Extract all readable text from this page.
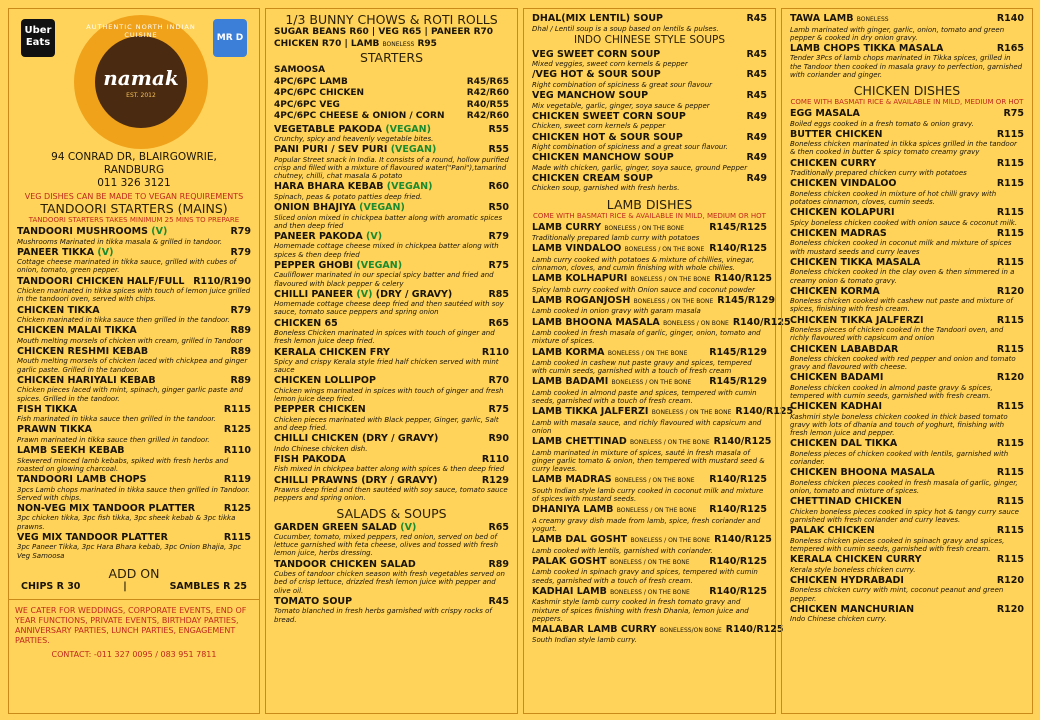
Uber Eats
AUTHENTIC NORTH INDIAN CUISINE
namak
EST. 2012
MR D
94 CONRAD DR, BLAIRGOWRIE,
RANDBURG
011 326 3121
VEG DISHES CAN BE MADE TO VEGAN REQUIREMENTS
TANDOORI STARTERS (MAINS)
TANDOORI STARTERS TAKES MINIMUM 25 MINS TO PREPARE
TANDOORI MUSHROOMS (V)	R79
Mushrooms Marinated in tikka masala & grilled in tandoor.
PANEER TIKKA (V)	R79
Cottage cheese marinated in tikka sauce, grilled with cubes of onion, tomato, green pepper.
TANDOORI CHICKEN HALF/FULL R110/R190
Chicken marinated in tikka spices with touch of lemon juice grilled in the tandoori oven, served with chips.
CHICKEN TIKKA	R79
Chicken marinated in tikka sauce then grilled in the tandoor.
CHICKEN MALAI TIKKA	R89
Mouth melting morsels of chicken with cream, grilled in Tandoor
CHICKEN RESHMI KEBAB	R89
Mouth melting morsels of chicken laced with chickpea and ginger garlic paste. Grilled in the tandoor.
CHICKEN HARIYALI KEBAB	R89
Chicken pieces laced with mint, spinach, ginger garlic paste and spices. Grilled in the tandoor.
FISH TIKKA	R115
Fish marinated in tikka sauce then grilled in the tandoor.
PRAWN TIKKA	R125
Prawn marinated in tikka sauce then grilled in tandoor.
LAMB SEEKH KEBAB	R110
Skewered minced lamb kebabs, spiked with fresh herbs and roasted on glowing charcoal.
TANDOORI LAMB CHOPS	R119
3pcs Lamb chops marinated in tikka sauce then grilled in Tandoor. Served with chips.
NON-VEG MIX TANDOOR PLATTER	R125
3pc chicken tikka, 3pc fish tikka, 3pc sheek kebab & 3pc tikka prawns.
VEG MIX TANDOOR PLATTER	R115
3pc Paneer Tikka, 3pc Hara Bhara kebab, 3pc Onion Bhajia, 3pc Veg Samoosa
ADD ON
CHIPS R 30	|	SAMBLES R 25
WE CATER FOR WEDDINGS, CORPORATE EVENTS, END OF YEAR FUNCTIONS, PRIVATE EVENTS, BIRTHDAY PARTIES, ANNIVERSARY PARTIES, LUNCH PARTIES, ENGAGEMENT PARTIES.
CONTACT: -011 327 0095 / 083 951 7811
1/3 BUNNY CHOWS & ROTI ROLLS
SUGAR BEANS R60 | VEG R65 | PANEER R70
CHICKEN R70 | LAMB BONELESS R95
STARTERS
SAMOOSA
4PC/6PC LAMB	R45/R65
4PC/6PC CHICKEN	R42/R60
4PC/6PC VEG	R40/R55
4PC/6PC CHEESE & ONION / CORN R42/R60
VEGETABLE PAKODA (VEGAN)	R55
Crunchy, spicy and heavenly vegetable bites.
PANI PURI / SEV PURI (VEGAN)	R55
Popular Street snack in India. It consists of a round, hollow purified crisp and filled with a mixture of flavoured water("Pani"),tamarind chutney, chilli, chat masala & potato
HARA BHARA KEBAB (VEGAN)	R60
Spinach, peas & potato patties deep fried.
ONION BHAJIYA (VEGAN)	R50
Sliced onion mixed in chickpea batter along with aromatic spices and then deep fried
PANEER PAKODA (V)	R79
Homemade cottage cheese mixed in chickpea batter along with spices & then deep fried
PEPPER GHOBI (VEGAN)	R75
Cauliflower marinated in our special spicy batter and fried and flavoured with black pepper & celery
CHILLI PANEER (V) (DRY / GRAVY)	R85
Homemade cottage cheese deep fried and then sautéed with soy sauce, tomato sauce peppers and spring onion
CHICKEN 65	R65
Boneless Chicken marinated in spices with touch of ginger and fresh lemon juice deep fried.
KERALA CHICKEN FRY	R110
Spicy and crispy Kerala style fried half chicken served with mint sauce
CHICKEN LOLLIPOP	R70
Chicken wings marinated in spices with touch of ginger and fresh lemon juice deep fried.
PEPPER CHICKEN	R75
Chicken pieces marinated with Black pepper, Ginger, garlic, Salt and deep fried.
CHILLI CHICKEN (DRY / GRAVY)	R90
Indo Chinese chicken dish.
FISH PAKODA	R110
Fish mixed in chickpea batter along with spices & then deep fried
CHILLI PRAWNS (DRY / GRAVY)	R129
Prawns deep fried and then sautéed with soy sauce, tomato sauce peppers and spring onion.
SALADS & SOUPS
GARDEN GREEN SALAD (V)	R65
Cucumber, tomato, mixed peppers, red onion, served on bed of lettuce garnished with feta cheese, olives and tossed with fresh lemon juice, herbs dressing.
TANDOOR CHICKEN SALAD	R89
Cubes of tandoor chicken season with fresh vegetables served on bed of crisp lettuce, drizzled fresh lemon juice with pepper and olive oil.
TOMATO SOUP	R45
Tomato blanched in fresh herbs garnished with crispy rocks of bread.
DHAL(MIX LENTIL) SOUP	R45
Dhal / Lentil soup is a soup based on lentils & pulses.
INDO CHINESE STYLE SOUPS
VEG SWEET CORN SOUP	R45
Mixed veggies, sweet corn kernels & pepper
/VEG HOT & SOUR SOUP	R45
Right combination of spiciness & great sour flavour
VEG MANCHOW SOUP	R45
Mix vegetable, garlic, ginger, soya sauce & pepper
CHICKEN SWEET CORN SOUP	R49
Chicken, sweet corn kernels & pepper
CHICKEN HOT & SOUR SOUP	R49
Right combination of spiciness and a great sour flavour.
CHICKEN MANCHOW SOUP	R49
Made with chicken, garlic, ginger, soya sauce, ground Pepper
CHICKEN CREAM SOUP	R49
Chicken soup, garnished with fresh herbs.
LAMB DISHES
COME WITH BASMATI RICE & AVAILABLE IN MILD, MEDIUM OR HOT
LAMB CURRY BONELESS / ON THE BONE	R145/R125
Traditionally prepared lamb curry with potatoes
LAMB VINDALOO BONELESS / ON THE BONE R140/R125
Lamb curry cooked with potatoes & mixture of chillies, vinegar, cinnamon, cloves, and cumin finishing with whole chillies.
LAMB KOLHAPURI BONELESS / ON THE BONE R140/R125
Spicy lamb curry cooked with Onion sauce and coconut powder
LAMB ROGANJOSH BONELESS / ON THE BONE R145/R129
Lamb cooked in onion gravy with garam masala
LAMB BHOONA MASALA BONELESS / ON BONE R140/R125
Lamb cooked in fresh masala of garlic, ginger, onion, tomato and mixture of spices.
LAMB KORMA BONELESS / ON THE BONE	R145/R129
Lamb cooked in cashew nut paste gravy and spices, tempered with cumin seeds, garnished with a touch of fresh cream
LAMB BADAMI BONELESS / ON THE BONE	R145/R129
Lamb cooked in almond paste and spices, tempered with cumin seeds, garnished with a touch of fresh cream.
LAMB TIKKA JALFERZI BONELESS / ON THE BONE R140/R125
Lamb with masala sauce, and richly flavoured with capsicum and onion
LAMB CHETTINAD BONELESS / ON THE BONE R140/R125
Lamb marinated in mixture of spices, sauté in fresh masala of ginger garlic tomato & onion, then tempered with mustard seed & curry leaves.
LAMB MADRAS BONELESS / ON THE BONE	R140/R125
South Indian style lamb curry cooked in coconut milk and mixture of spices with mustard seeds.
DHANIYA LAMB BONELESS / ON THE BONE	R140/R125
A creamy gravy dish made from lamb, spice, fresh coriander and yogurt.
LAMB DAL GOSHT BONELESS / ON THE BONE R140/R125
Lamb cooked with lentils, garnished with coriander.
PALAK GOSHT BONELESS / ON THE BONE	R140/R125
Lamb cooked in spinach gravy and spices, tempered with cumin seeds, garnished with a touch of fresh cream.
KADHAI LAMB BONELESS / ON THE BONE	R140/R125
Kashmir style lamb curry cooked in fresh tomato gravy and mixture of spices finishing with fresh Dhania, lemon juice and peppers.
MALABAR LAMB CURRY BONELESS/ON BONE R140/R125
South Indian style lamb curry.
TAWA LAMB BONELESS	R140
Lamb marinated with ginger, garlic, onion, tomato and green pepper & cooked in dry onion gravy.
LAMB CHOPS TIKKA MASALA	R165
Tender 3Pcs of lamb chops marinated in Tikka spices, grilled in the Tandoor then cooked in masala gravy to perfection, garnished with coriander and ginger.
CHICKEN DISHES
COME WITH BASMATI RICE & AVAILABLE IN MILD, MEDIUM OR HOT
EGG MASALA	R75
Boiled eggs cooked in a fresh tomato & onion gravy.
BUTTER CHICKEN	R115
Boneless chicken marinated in tikka spices grilled in the tandoor & then cooked in butter & spicy tomato creamy gravy
CHICKEN CURRY	R115
Traditionally prepared chicken curry with potatoes
CHICKEN VINDALOO	R115
Boneless chicken cooked in mixture of hot chilli gravy with potatoes cinnamon, cloves, cumin seeds.
CHICKEN KOLAPURI	R115
Spicy boneless chicken cooked with onion sauce & coconut milk.
CHICKEN MADRAS	R115
Boneless chicken cooked in coconut milk and mixture of spices with mustard seeds and curry leaves
CHICKEN TIKKA MASALA	R115
Boneless chicken cooked in the clay oven & then simmered in a creamy onion & tomato gravy.
CHICKEN KORMA	R120
Boneless chicken cooked with cashew nut paste and mixture of spices, finishing with fresh cream.
CHICKEN TIKKA JALFERZI	R115
Boneless pieces of chicken cooked in the Tandoori oven, and richly flavoured with capsicum and onion
CHICKEN LABABDAR	R115
Boneless chicken cooked with red pepper and onion and tomato gravy and flavoured with cheese.
CHICKEN BADAMI	R120
Boneless chicken cooked in almond paste gravy & spices, tempered with cumin seeds, garnished with fresh cream.
CHICKEN KADHAI	R115
Kashmiri style boneless chicken cooked in thick based tomato gravy with lots of dhania and touch of yoghurt, finishing with fresh lemon juice and pepper.
CHICKEN DAL TIKKA	R115
Boneless pieces of chicken cooked with lentils, garnished with coriander.
CHICKEN BHOONA MASALA	R115
Boneless chicken pieces cooked in fresh masala of garlic, ginger, onion, tomato and mixture of spices.
CHETTINAD CHICKEN	R115
Chicken boneless pieces cooked in spicy hot & tangy curry sauce garnished with fresh coriander and curry leaves.
PALAK CHICKEN	R115
Boneless chicken pieces cooked in spinach gravy and spices, tempered with cumin seeds, garnished with fresh cream.
KERALA CHICKEN CURRY	R115
Kerala style boneless chicken curry.
CHICKEN HYDRABADI	R120
Boneless chicken curry with mint, coconut peanut and green pepper.
CHICKEN MANCHURIAN	R120
Indo Chinese chicken curry.
